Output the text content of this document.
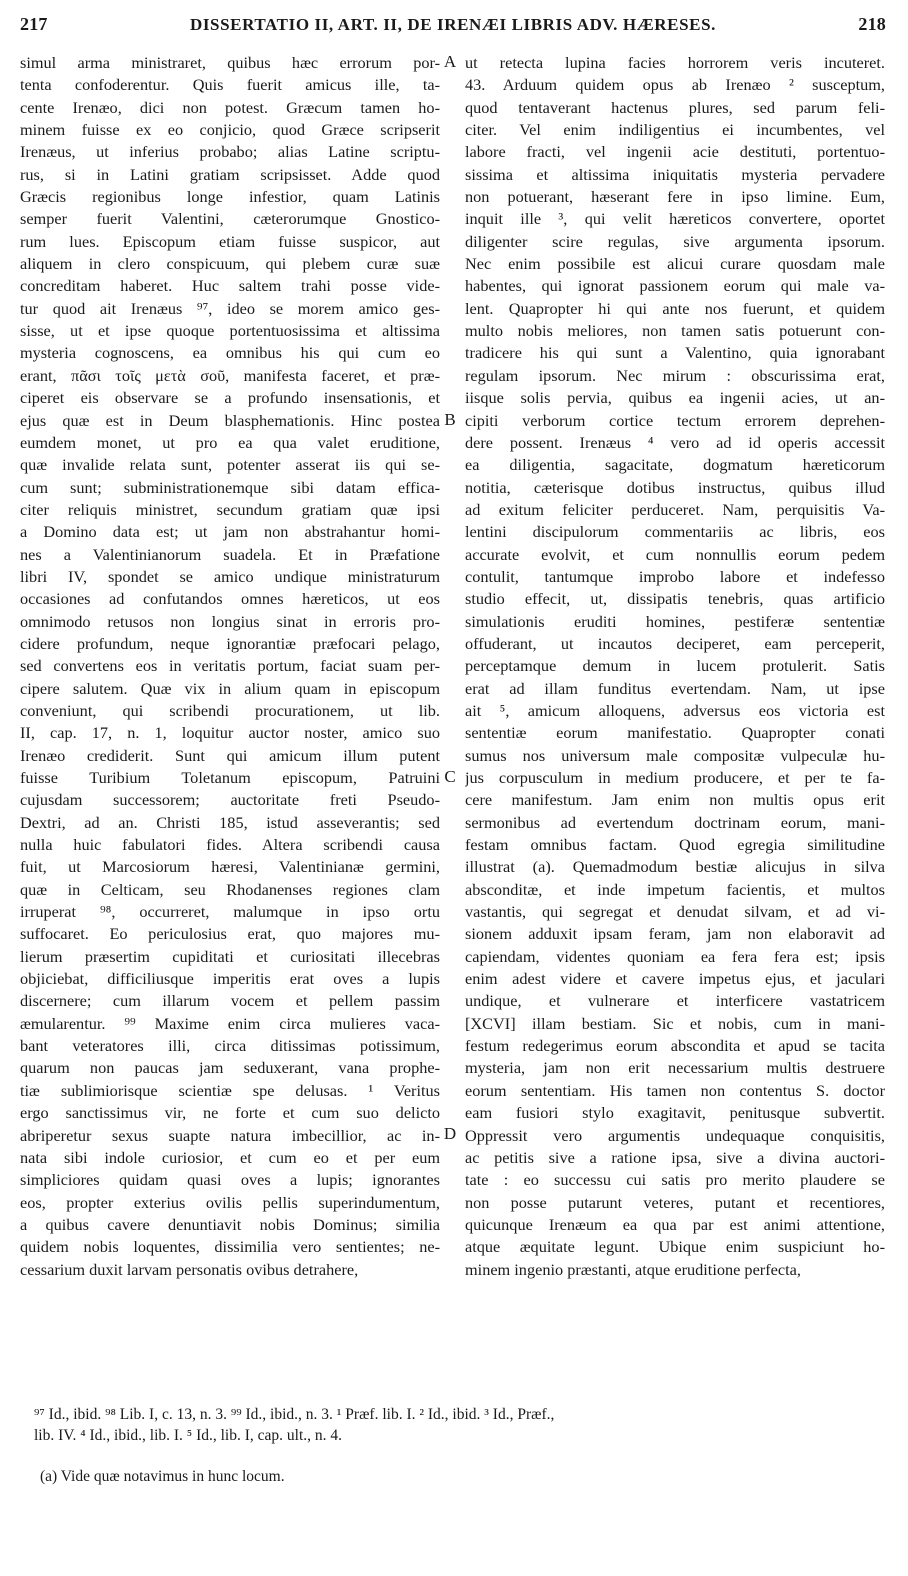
217	DISSERTATIO II, ART. II, DE IRENÆI LIBRIS ADV. HÆRESES.	218
simul arma ministraret, quibus hæc errorum por-
tenta confoderentur. Quis fuerit amicus ille, ta-
cente Irenæo, dici non potest. Græcum tamen ho-
minem fuisse ex eo conjicio, quod Græce scripserit
Irenæus, ut inferius probabo; alias Latine scriptu-
rus, si in Latini gratiam scripsisset. Adde quod
Græcis regionibus longe infestior, quam Latinis
semper fuerit Valentini, cæterorumque Gnostico-
rum lues. Episcopum etiam fuisse suspicor, aut
aliquem in clero conspicuum, qui plebem curæ suæ
concreditam haberet. Huc saltem trahi posse vide-
tur quod ait Irenæus ⁹⁷, ideo se morem amico ges-
sisse, ut et ipse quoque portentuosissima et altissima
mysteria cognoscens, ea omnibus his qui cum eo
erant, πᾶσι τοῖς μετὰ σοῦ, manifesta faceret, et præ-
ciperet eis observare se a profundo insensationis, et
ejus quæ est in Deum blasphemationis. Hinc postea
eumdem monet, ut pro ea qua valet eruditione,
quæ invalide relata sunt, potenter asserat iis qui se-
cum sunt; subministrationemque sibi datam effica-
citer reliquis ministret, secundum gratiam quæ ipsi
a Domino data est; ut jam non abstrahantur homi-
nes a Valentinianorum suadela. Et in Præfatione
libri IV, spondet se amico undique ministraturum
occasiones ad confutandos omnes hæreticos, ut eos
omnimodo retusos non longius sinat in erroris pro-
cidere profundum, neque ignorantiæ præfocari pelago,
sed convertens eos in veritatis portum, faciat suam per-
cipere salutem. Quæ vix in alium quam in episcopum
conveniunt, qui scribendi procurationem, ut lib.
II, cap. 17, n. 1, loquitur auctor noster, amico suo
Irenæo crediderit. Sunt qui amicum illum putent
fuisse Turibium Toletanum episcopum, Patruini
cujusdam successorem; auctoritate freti Pseudo-
Dextri, ad an. Christi 185, istud asseverantis; sed
nulla huic fabulatori fides. Altera scribendi causa
fuit, ut Marcosiorum hæresi, Valentinianæ germini,
quæ in Celticam, seu Rhodanenses regiones clam
irruperat ⁹⁸, occurreret, malumque in ipso ortu
suffocaret. Eo periculosius erat, quo majores mu-
lierum præsertim cupiditati et curiositati illecebras
objiciebat, difficiliusque imperitis erat oves a lupis
discernere; cum illarum vocem et pellem passim
æmularentur. ⁹⁹ Maxime enim circa mulieres vaca-
bant veteratores illi, circa ditissimas potissimum,
quarum non paucas jam seduxerant, vana prophe-
tiæ sublimiorisque scientiæ spe delusas. ¹ Veritus
ergo sanctissimus vir, ne forte et cum suo delicto
abriperetur sexus suapte natura imbecillior, ac in-
nata sibi indole curiosior, et cum eo et per eum
simpliciores quidam quasi oves a lupis; ignorantes
eos, propter exterius ovilis pellis superindumentum,
a quibus cavere denuntiavit nobis Dominus; similia
quidem nobis loquentes, dissimilia vero sentientes; ne-
cessarium duxit larvam personatis ovibus detrahere,
ut retecta lupina facies horrorem veris incuteret.
43. Arduum quidem opus ab Irenæo ² susceptum,
quod tentaverant hactenus plures, sed parum feli-
citer. Vel enim indiligentius ei incumbentes, vel
labore fracti, vel ingenii acie destituti, portentuo-
sissima et altissima iniquitatis mysteria pervadere
non potuerant, hæserant fere in ipso limine. Eum,
inquit ille ³, qui velit hæreticos convertere, oportet
diligenter scire regulas, sive argumenta ipsorum.
Nec enim possibile est alicui curare quosdam male
habentes, qui ignorat passionem eorum qui male va-
lent. Quapropter hi qui ante nos fuerunt, et quidem
multo nobis meliores, non tamen satis potuerunt con-
tradicere his qui sunt a Valentino, quia ignorabant
regulam ipsorum. Nec mirum : obscurissima erat,
iisque solis pervia, quibus ea ingenii acies, ut an-
cipiti verborum cortice tectum errorem deprehen-
dere possent. Irenæus ⁴ vero ad id operis accessit
ea diligentia, sagacitate, dogmatum hæreticorum
notitia, cæterisque dotibus instructus, quibus illud
ad exitum feliciter perduceret. Nam, perquisitis Va-
lentini discipulorum commentariis ac libris, eos
accurate evolvit, et cum nonnullis eorum pedem
contulit, tantumque improbo labore et indefesso
studio effecit, ut, dissipatis tenebris, quas artificio
simulationis eruditi homines, pestiferæ sententiæ
offuderant, ut incautos deciperet, eam perceperit,
perceptamque demum in lucem protulerit. Satis
erat ad illam funditus evertendam. Nam, ut ipse
ait ⁵, amicum alloquens, adversus eos victoria est
sententiæ eorum manifestatio. Quapropter conati
sumus nos universum male compositæ vulpeculæ hu-
jus corpusculum in medium producere, et per te fa-
cere manifestum. Jam enim non multis opus erit
sermonibus ad evertendum doctrinam eorum, mani-
festam omnibus factam. Quod egregia similitudine
illustrat (a). Quemadmodum bestiæ alicujus in silva
absconditæ, et inde impetum facientis, et multos
vastantis, qui segregat et denudat silvam, et ad vi-
sionem adduxit ipsam feram, jam non elaboravit ad
capiendam, videntes quoniam ea fera fera est; ipsis
enim adest videre et cavere impetus ejus, et jaculari
undique, et vulnerare et interficere vastatricem
[XCVI] illam bestiam. Sic et nobis, cum in mani-
festum redegerimus eorum abscondita et apud se tacita
mysteria, jam non erit necessarium multis destruere
eorum sententiam. His tamen non contentus S. doctor
eam fusiori stylo exagitavit, penitusque subvertit.
Oppressit vero argumentis undequaque conquisitis,
ac petitis sive a ratione ipsa, sive a divina auctori-
tate : eo successu cui satis pro merito plaudere se
non posse putarunt veteres, putant et recentiores,
quicunque Irenæum ea qua par est animi attentione,
atque æquitate legunt. Ubique enim suspiciunt ho-
minem ingenio præstanti, atque eruditione perfecta,
A
B
C
D
⁹⁷ Id., ibid. ⁹⁸ Lib. I, c. 13, n. 3. ⁹⁹ Id., ibid., n. 3. ¹ Præf. lib. I. ² Id., ibid. ³ Id., Præf.,
lib. IV. ⁴ Id., ibid., lib. I. ⁵ Id., lib. I, cap. ult., n. 4.
(a) Vide quæ notavimus in hunc locum.
